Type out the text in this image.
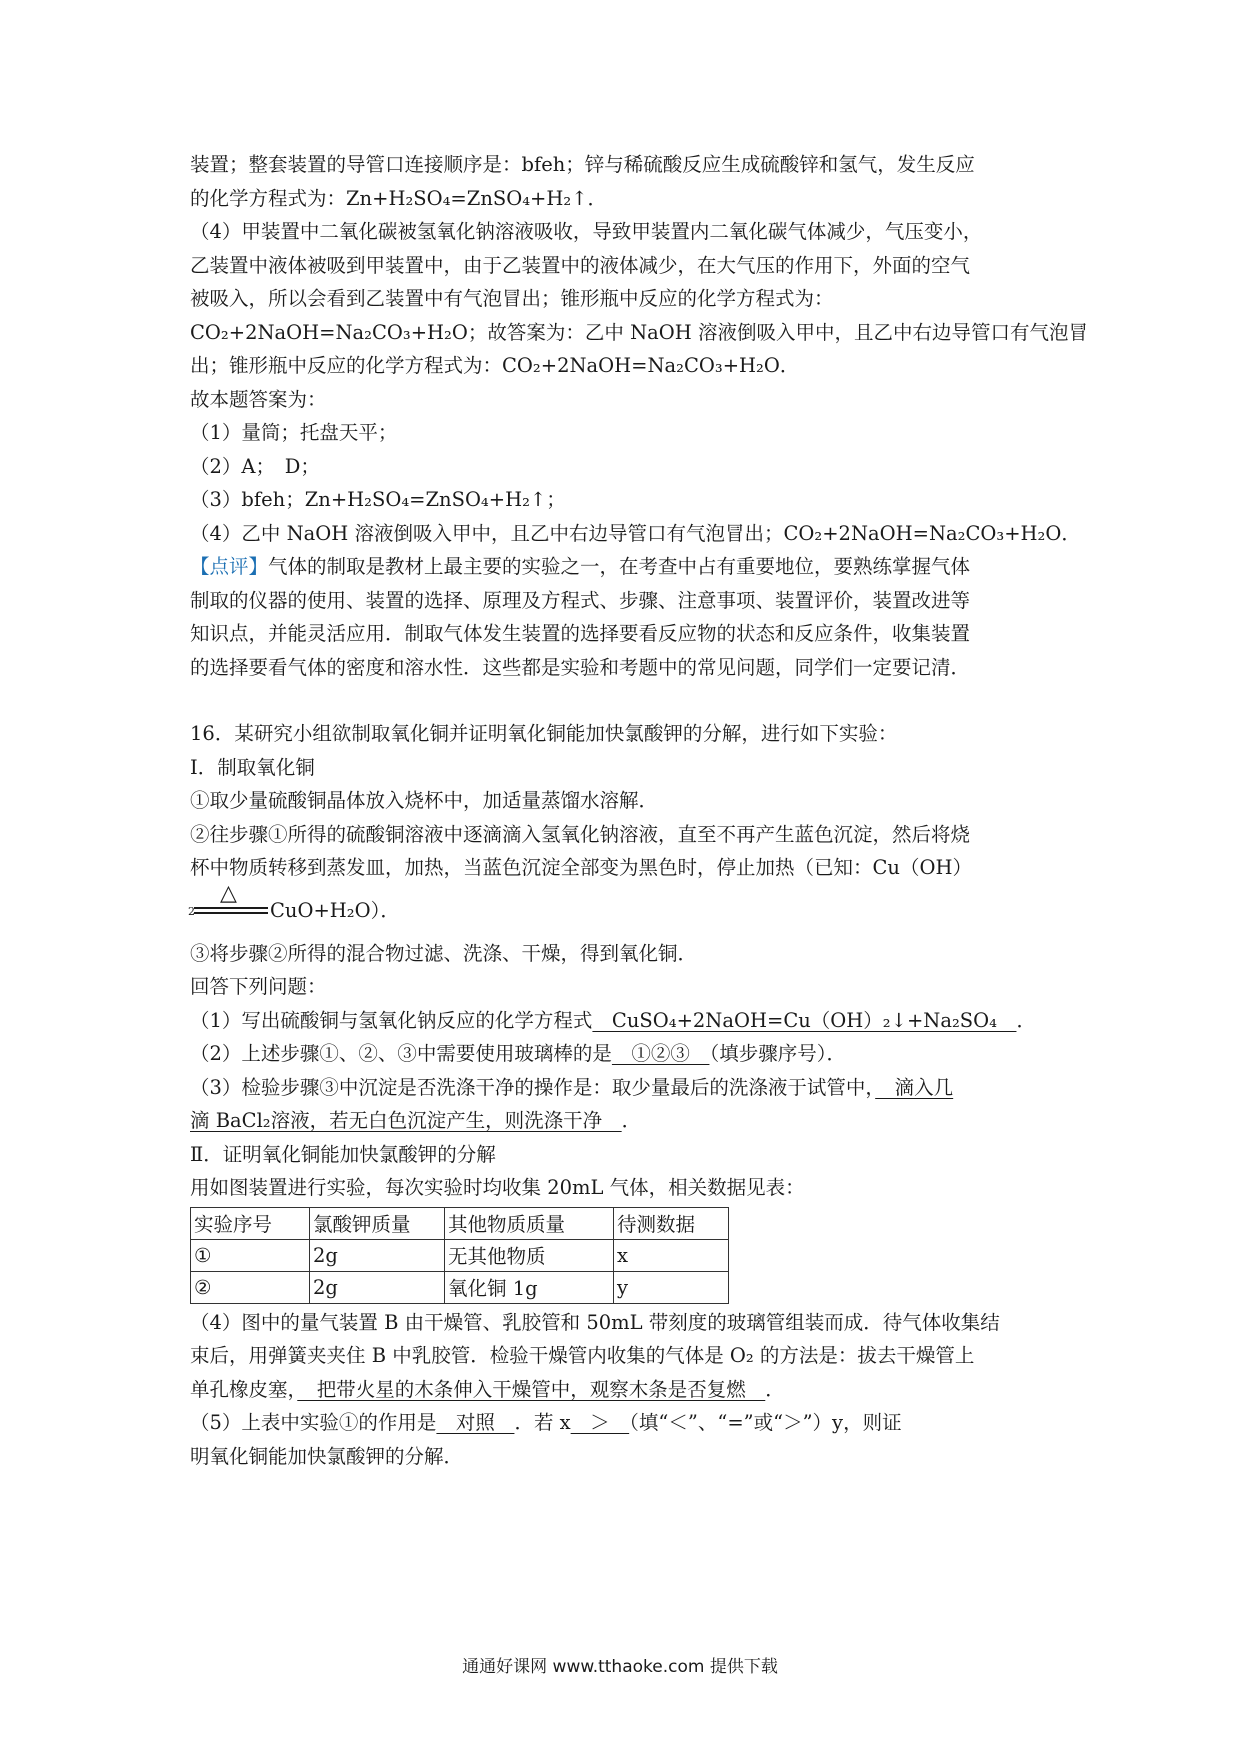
装置；整套装置的导管口连接顺序是：bfeh；锌与稀硫酸反应生成硫酸锌和氢气，发生反应

的化学方程式为：Zn+H₂SO₄=ZnSO₄+H₂↑．

（4）甲装置中二氧化碳被氢氧化钠溶液吸收，导致甲装置内二氧化碳气体减少，气压变小，

乙装置中液体被吸到甲装置中，由于乙装置中的液体减少，在大气压的作用下，外面的空气

被吸入，所以会看到乙装置中有气泡冒出；锥形瓶中反应的化学方程式为：

CO₂+2NaOH=Na₂CO₃+H₂O；故答案为：乙中 NaOH 溶液倒吸入甲中，且乙中右边导管口有气泡冒

出；锥形瓶中反应的化学方程式为：CO₂+2NaOH=Na₂CO₃+H₂O．

故本题答案为：

（1）量筒；托盘天平；

（2）A；　D；

（3）bfeh；Zn+H₂SO₄=ZnSO₄+H₂↑；

（4）乙中 NaOH 溶液倒吸入甲中，且乙中右边导管口有气泡冒出；CO₂+2NaOH=Na₂CO₃+H₂O．

【点评】气体的制取是教材上最主要的实验之一，在考查中占有重要地位，要熟练掌握气体

制取的仪器的使用、装置的选择、原理及方程式、步骤、注意事项、装置评价，装置改进等

知识点，并能灵活应用．制取气体发生装置的选择要看反应物的状态和反应条件，收集装置

的选择要看气体的密度和溶水性．这些都是实验和考题中的常见问题，同学们一定要记清．

16．某研究小组欲制取氧化铜并证明氧化铜能加快氯酸钾的分解，进行如下实验：

Ⅰ．制取氧化铜

①取少量硫酸铜晶体放入烧杯中，加适量蒸馏水溶解．

②往步骤①所得的硫酸铜溶液中逐滴滴入氢氧化钠溶液，直至不再产生蓝色沉淀，然后将烧

杯中物质转移到蒸发皿，加热，当蓝色沉淀全部变为黑色时，停止加热（已知：Cu（OH）

2
△
CuO+H₂O）．

③将步骤②所得的混合物过滤、洗涤、干燥，得到氧化铜．

回答下列问题：

（1）写出硫酸铜与氢氧化钠反应的化学方程式　CuSO₄+2NaOH=Cu（OH）₂↓+Na₂SO₄　．

（2）上述步骤①、②、③中需要使用玻璃棒的是　①②③　（填步骤序号）．

（3）检验步骤③中沉淀是否洗涤干净的操作是：取少量最后的洗涤液于试管中，　滴入几

滴 BaCl₂溶液，若无白色沉淀产生，则洗涤干净　．

Ⅱ．证明氧化铜能加快氯酸钾的分解

用如图装置进行实验，每次实验时均收集 20mL 气体，相关数据见表：

实验序号	氯酸钾质量	其他物质质量	待测数据
①	2g	无其他物质	x
②	2g	氧化铜 1g	y

（4）图中的量气装置 B 由干燥管、乳胶管和 50mL 带刻度的玻璃管组装而成．待气体收集结

束后，用弹簧夹夹住 B 中乳胶管．检验干燥管内收集的气体是 O₂ 的方法是：拔去干燥管上

单孔橡皮塞，　把带火星的木条伸入干燥管中，观察木条是否复燃　．

（5）上表中实验①的作用是　对照　．若 x　＞　（填“＜”、“=”或“＞”）y，则证

明氧化铜能加快氯酸钾的分解．

通通好课网 www.tthaoke.com 提供下载
